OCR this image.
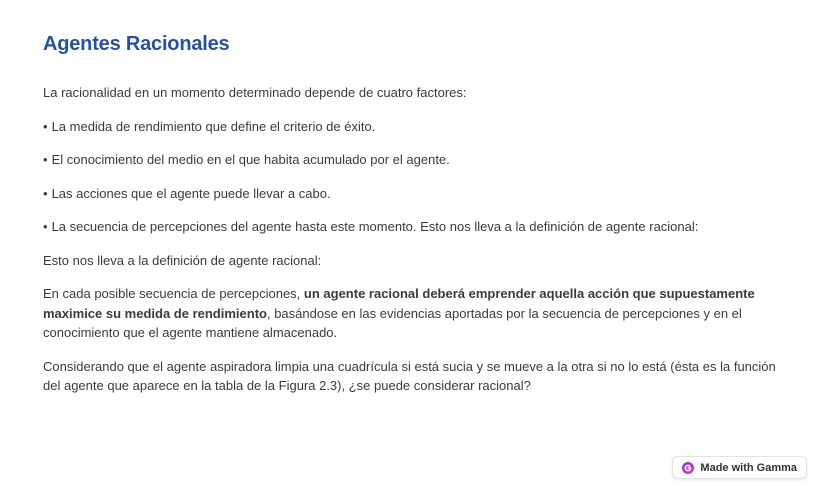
Agentes Racionales

La racionalidad en un momento determinado depende de cuatro factores:

• La medida de rendimiento que define el criterio de éxito.
• El conocimiento del medio en el que habita acumulado por el agente.
• Las acciones que el agente puede llevar a cabo.
• La secuencia de percepciones del agente hasta este momento. Esto nos lleva a la definición de agente racional:

Esto nos lleva a la definición de agente racional:

En cada posible secuencia de percepciones, un agente racional deberá emprender aquella acción que supuestamente maximice su medida de rendimiento, basándose en las evidencias aportadas por la secuencia de percepciones y en el conocimiento que el agente mantiene almacenado.

Considerando que el agente aspiradora limpia una cuadrícula si está sucia y se mueve a la otra si no lo está (ésta es la función del agente que aparece en la tabla de la Figura 2.3), ¿se puede considerar racional?

Made with Gamma
